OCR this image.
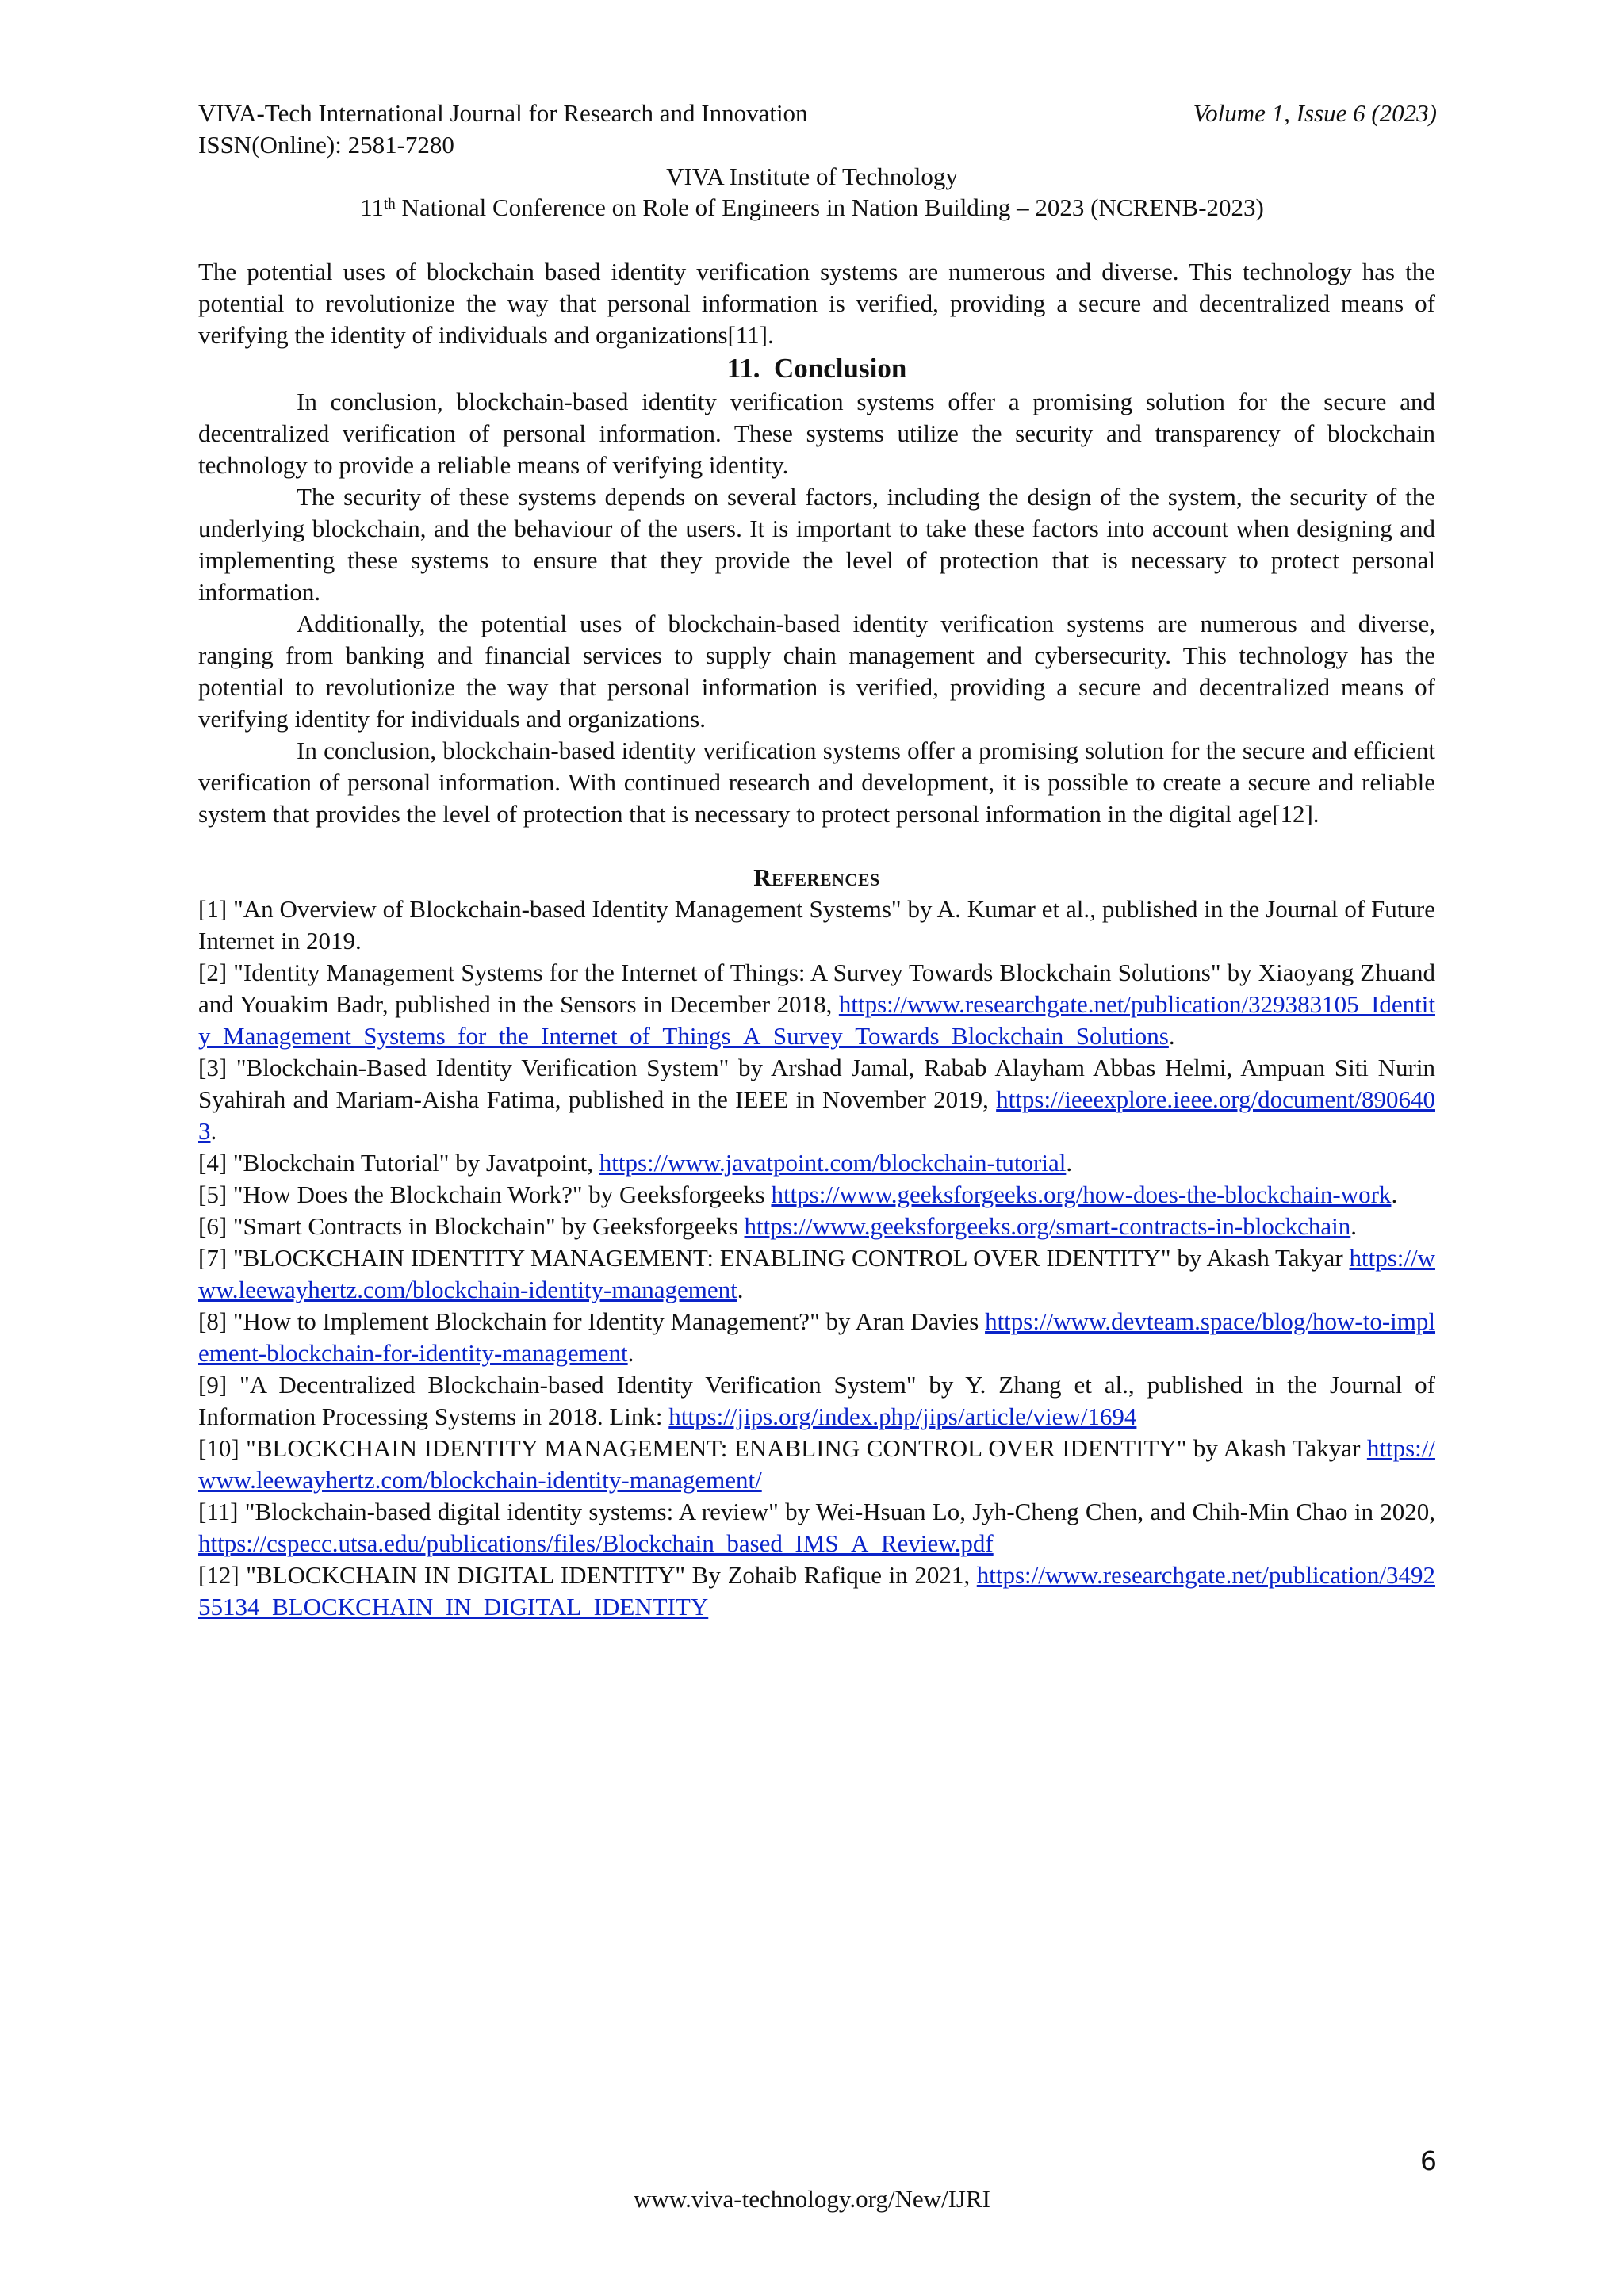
VIVA-Tech International Journal for Research and Innovation	Volume 1, Issue 6 (2023)
ISSN(Online): 2581-7280
VIVA Institute of Technology
11th National Conference on Role of Engineers in Nation Building – 2023 (NCRENB-2023)

The potential uses of blockchain based identity verification systems are numerous and diverse. This technology has the potential to revolutionize the way that personal information is verified, providing a secure and decentralized means of verifying the identity of individuals and organizations[11].

11. Conclusion

In conclusion, blockchain-based identity verification systems offer a promising solution for the secure and decentralized verification of personal information. These systems utilize the security and transparency of blockchain technology to provide a reliable means of verifying identity.

The security of these systems depends on several factors, including the design of the system, the security of the underlying blockchain, and the behaviour of the users. It is important to take these factors into account when designing and implementing these systems to ensure that they provide the level of protection that is necessary to protect personal information.

Additionally, the potential uses of blockchain-based identity verification systems are numerous and diverse, ranging from banking and financial services to supply chain management and cybersecurity. This technology has the potential to revolutionize the way that personal information is verified, providing a secure and decentralized means of verifying identity for individuals and organizations.

In conclusion, blockchain-based identity verification systems offer a promising solution for the secure and efficient verification of personal information. With continued research and development, it is possible to create a secure and reliable system that provides the level of protection that is necessary to protect personal information in the digital age[12].

References

[1] "An Overview of Blockchain-based Identity Management Systems" by A. Kumar et al., published in the Journal of Future Internet in 2019.

[2] "Identity Management Systems for the Internet of Things: A Survey Towards Blockchain Solutions" by Xiaoyang Zhuand and Youakim Badr, published in the Sensors in December 2018, https://www.researchgate.net/publication/329383105_Identity_Management_Systems_for_the_Internet_of_Things_A_Survey_Towards_Blockchain_Solutions.

[3] "Blockchain-Based Identity Verification System" by Arshad Jamal, Rabab Alayham Abbas Helmi, Ampuan Siti Nurin Syahirah and Mariam-Aisha Fatima, published in the IEEE in November 2019, https://ieeexplore.ieee.org/document/8906403.

[4] "Blockchain Tutorial" by Javatpoint, https://www.javatpoint.com/blockchain-tutorial.

[5] "How Does the Blockchain Work?" by Geeksforgeeks https://www.geeksforgeeks.org/how-does-the-blockchain-work.

[6] "Smart Contracts in Blockchain" by Geeksforgeeks https://www.geeksforgeeks.org/smart-contracts-in-blockchain.

[7] "BLOCKCHAIN IDENTITY MANAGEMENT: ENABLING CONTROL OVER IDENTITY" by Akash Takyar https://www.leewayhertz.com/blockchain-identity-management.

[8] "How to Implement Blockchain for Identity Management?" by Aran Davies https://www.devteam.space/blog/how-to-implement-blockchain-for-identity-management.

[9] "A Decentralized Blockchain-based Identity Verification System" by Y. Zhang et al., published in the Journal of Information Processing Systems in 2018. Link: https://jips.org/index.php/jips/article/view/1694

[10] "BLOCKCHAIN IDENTITY MANAGEMENT: ENABLING CONTROL OVER IDENTITY" by Akash Takyar https://www.leewayhertz.com/blockchain-identity-management/

[11] "Blockchain-based digital identity systems: A review" by Wei-Hsuan Lo, Jyh-Cheng Chen, and Chih-Min Chao in 2020, https://cspecc.utsa.edu/publications/files/Blockchain_based_IMS_A_Review.pdf

[12] "BLOCKCHAIN IN DIGITAL IDENTITY" By Zohaib Rafique in 2021, https://www.researchgate.net/publication/349255134_BLOCKCHAIN_IN_DIGITAL_IDENTITY

6
www.viva-technology.org/New/IJRI
